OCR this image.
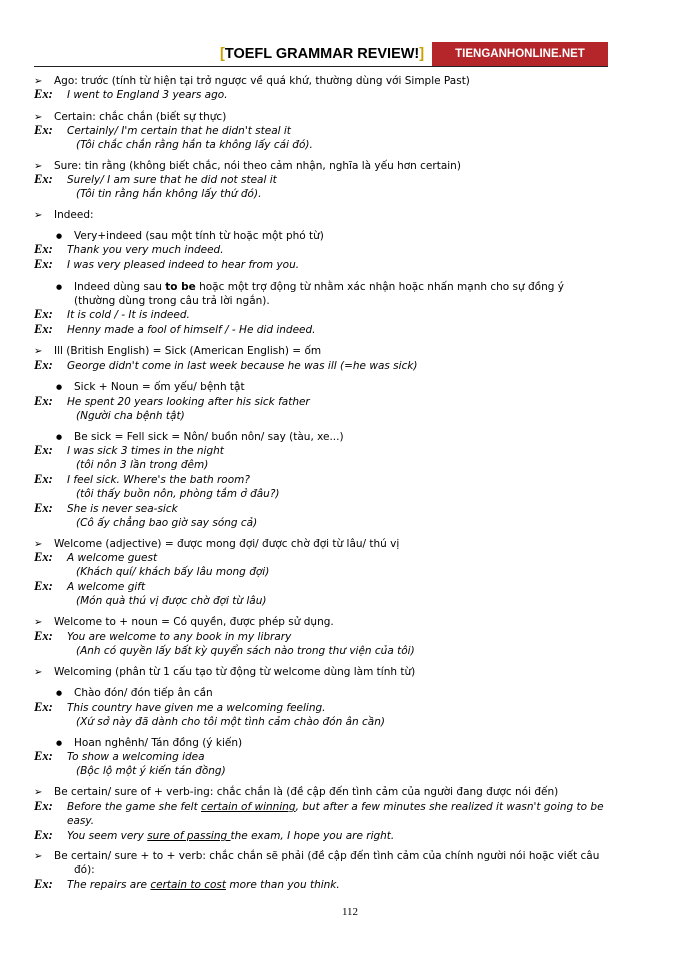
[TOEFL GRAMMAR REVIEW!]	TIENGANHONLINE.NET
➢ Ago: trước (tính từ hiện tại trở ngược về quá khứ, thường dùng với Simple Past)
Ex: I went to England 3 years ago.
➢ Certain: chắc chắn (biết sự thực)
Ex: Certainly/ I'm certain that he didn't steal it
(Tôi chắc chắn rằng hắn ta không lấy cái đó).
➢ Sure: tin rằng (không biết chắc, nói theo cảm nhận, nghĩa là yếu hơn certain)
Ex: Surely/ I am sure that he did not steal it
(Tôi tin rằng hắn không lấy thứ đó).
➢ Indeed:
● Very+indeed (sau một tính từ hoặc một phó từ)
Ex: Thank you very much indeed.
Ex: I was very pleased indeed to hear from you.
● Indeed dùng sau to be hoặc một trợ động từ nhằm xác nhận hoặc nhấn mạnh cho sự đồng ý
(thường dùng trong câu trả lời ngắn).
Ex: It is cold / - It is indeed.
Ex: Henny made a fool of himself / - He did indeed.
➢ Ill (British English) = Sick (American English) = ốm
Ex: George didn't come in last week because he was ill (=he was sick)
● Sick + Noun = ốm yếu/ bệnh tật
Ex: He spent 20 years looking after his sick father
(Người cha bệnh tật)
● Be sick = Fell sick = Nôn/ buồn nôn/ say (tàu, xe...)
Ex: I was sick 3 times in the night
(tôi nôn 3 lần trong đêm)
Ex: I feel sick. Where's the bath room?
(tôi thấy buồn nôn, phòng tắm ở đâu?)
Ex: She is never sea-sick
(Cô ấy chẳng bao giờ say sóng cả)
➢ Welcome (adjective) = được mong đợi/ được chờ đợi từ lâu/ thú vị
Ex: A welcome guest
(Khách quí/ khách bấy lâu mong đợi)
Ex: A welcome gift
(Món quà thú vị được chờ đợi từ lâu)
➢ Welcome to + noun = Có quyền, được phép sử dụng.
Ex: You are welcome to any book in my library
(Anh có quyền lấy bất kỳ quyển sách nào trong thư viện của tôi)
➢ Welcoming (phân từ 1 cấu tạo từ động từ welcome dùng làm tính từ)
● Chào đón/ đón tiếp ân cần
Ex: This country have given me a welcoming feeling.
(Xứ sở này đã dành cho tôi một tình cảm chào đón ân cần)
● Hoan nghênh/ Tán đồng (ý kiến)
Ex: To show a welcoming idea
(Bộc lộ một ý kiến tán đồng)
➢ Be certain/ sure of + verb-ing: chắc chắn là (đề cập đến tình cảm của người đang được nói đến)
Ex: Before the game she felt certain of winning, but after a few minutes she realized it wasn't going to be
easy.
Ex: You seem very sure of passing the exam, I hope you are right.
➢ Be certain/ sure + to + verb: chắc chắn sẽ phải (đề cập đến tình cảm của chính người nói hoặc viết câu
đó):
Ex: The repairs are certain to cost more than you think.
112
